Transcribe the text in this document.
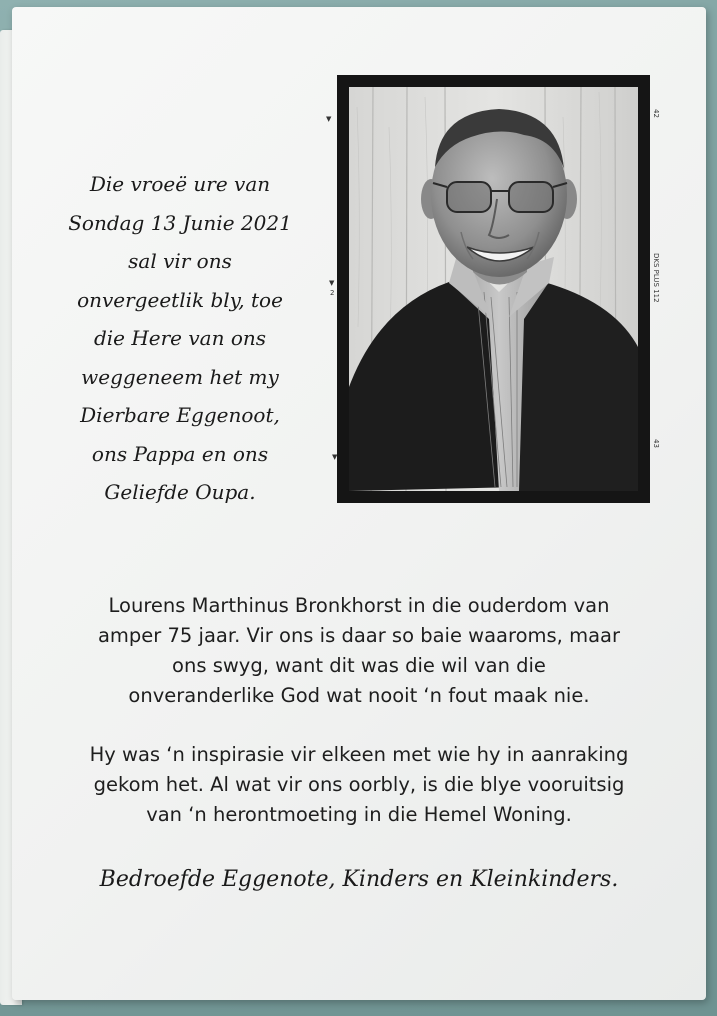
Die vroeë ure van
Sondag 13 Junie 2021
sal vir ons
onvergeetlik bly, toe
die Here van ons
weggeneem het my
Dierbare Eggenoot,
ons Pappa en ons
Geliefde Oupa.
▼
▼
2
▼
42
DKS PLUS 112
43
Lourens Marthinus Bronkhorst in die ouderdom van
amper 75 jaar. Vir ons is daar so baie waaroms, maar
ons swyg, want dit was die wil van die
onveranderlike God wat nooit ‘n fout maak nie.
Hy was ‘n inspirasie vir elkeen met wie hy in aanraking
gekom het. Al wat vir ons oorbly, is die blye vooruitsig
van ‘n herontmoeting in die Hemel Woning.
Bedroefde Eggenote, Kinders en Kleinkinders.
